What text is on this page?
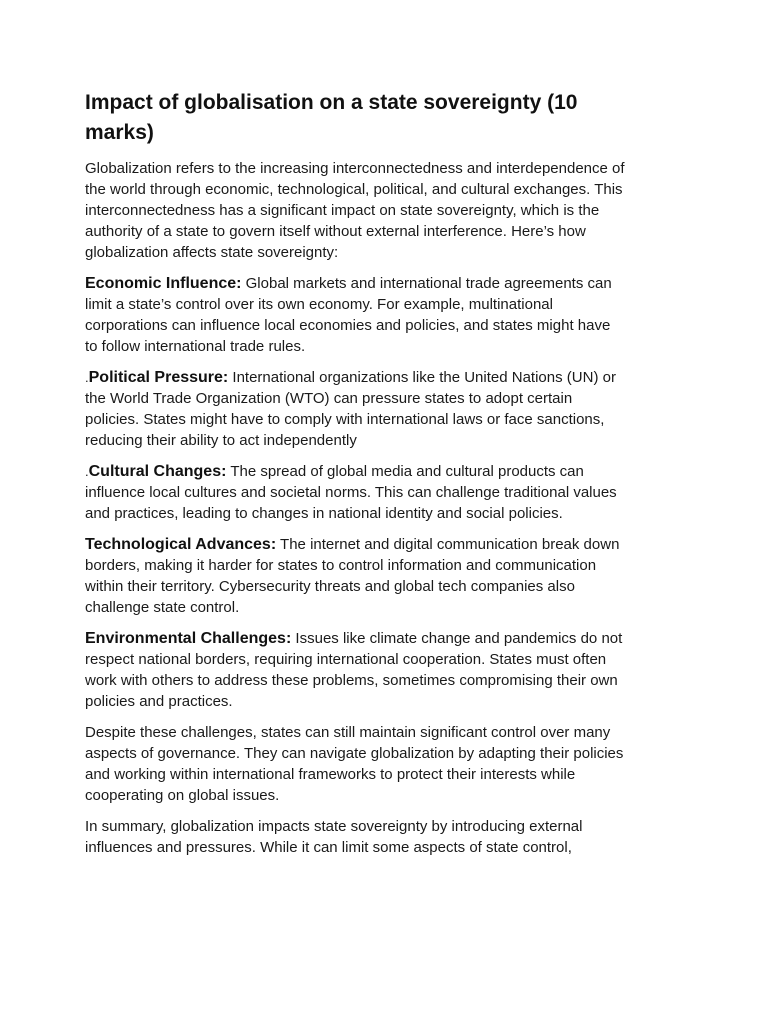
Impact of globalisation on a state sovereignty (10 marks)

Globalization refers to the increasing interconnectedness and interdependence of the world through economic, technological, political, and cultural exchanges. This interconnectedness has a significant impact on state sovereignty, which is the authority of a state to govern itself without external interference. Here’s how globalization affects state sovereignty:

Economic Influence: Global markets and international trade agreements can limit a state’s control over its own economy. For example, multinational corporations can influence local economies and policies, and states might have to follow international trade rules.

.Political Pressure: International organizations like the United Nations (UN) or the World Trade Organization (WTO) can pressure states to adopt certain policies. States might have to comply with international laws or face sanctions, reducing their ability to act independently

.Cultural Changes: The spread of global media and cultural products can influence local cultures and societal norms. This can challenge traditional values and practices, leading to changes in national identity and social policies.

Technological Advances: The internet and digital communication break down borders, making it harder for states to control information and communication within their territory. Cybersecurity threats and global tech companies also challenge state control.

Environmental Challenges: Issues like climate change and pandemics do not respect national borders, requiring international cooperation. States must often work with others to address these problems, sometimes compromising their own policies and practices.

Despite these challenges, states can still maintain significant control over many aspects of governance. They can navigate globalization by adapting their policies and working within international frameworks to protect their interests while cooperating on global issues.

In summary, globalization impacts state sovereignty by introducing external influences and pressures. While it can limit some aspects of state control,
